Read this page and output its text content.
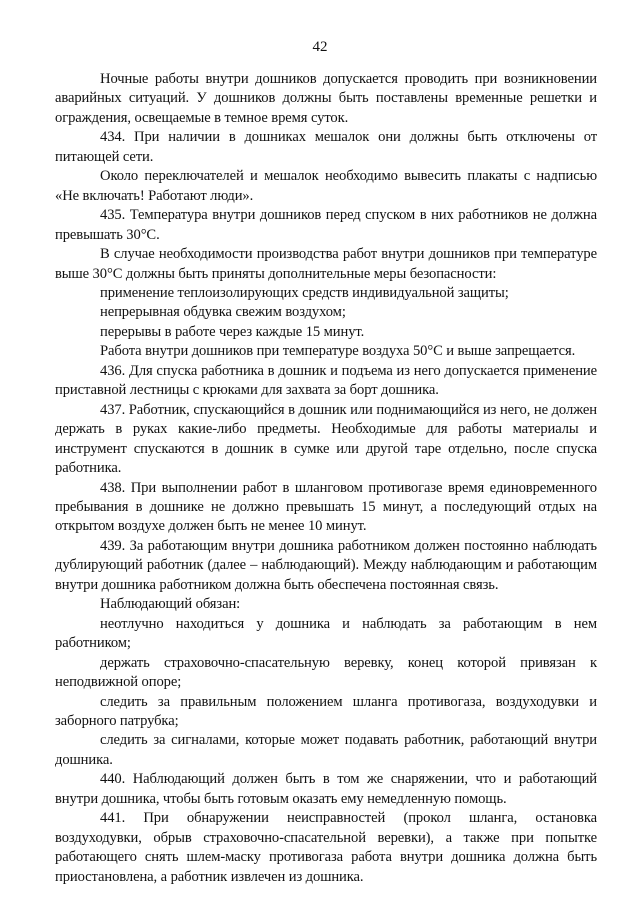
42

Ночные работы внутри дошников допускается проводить при возникновении аварийных ситуаций. У дошников должны быть поставлены временные решетки и ограждения, освещаемые в темное время суток.

434. При наличии в дошниках мешалок они должны быть отключены от питающей сети.

Около переключателей и мешалок необходимо вывесить плакаты с надписью «Не включать! Работают люди».

435. Температура внутри дошников перед спуском в них работников не должна превышать 30°С.

В случае необходимости производства работ внутри дошников при температуре выше 30°С должны быть приняты дополнительные меры безопасности:

применение теплоизолирующих средств индивидуальной защиты;

непрерывная обдувка свежим воздухом;

перерывы в работе через каждые 15 минут.

Работа внутри дошников при температуре воздуха 50°С и выше запрещается.

436. Для спуска работника в дошник и подъема из него допускается применение приставной лестницы с крюками для захвата за борт дошника.

437. Работник, спускающийся в дошник или поднимающийся из него, не должен держать в руках какие-либо предметы. Необходимые для работы материалы и инструмент спускаются в дошник в сумке или другой таре отдельно, после спуска работника.

438. При выполнении работ в шланговом противогазе время единовременного пребывания в дошнике не должно превышать 15 минут, а последующий отдых на открытом воздухе должен быть не менее 10 минут.

439. За работающим внутри дошника работником должен постоянно наблюдать дублирующий работник (далее – наблюдающий). Между наблюдающим и работающим внутри дошника работником должна быть обеспечена постоянная связь.

Наблюдающий обязан:

неотлучно находиться у дошника и наблюдать за работающим в нем работником;

держать страховочно-спасательную веревку, конец которой привязан к неподвижной опоре;

следить за правильным положением шланга противогаза, воздуходувки и заборного патрубка;

следить за сигналами, которые может подавать работник, работающий внутри дошника.

440. Наблюдающий должен быть в том же снаряжении, что и работающий внутри дошника, чтобы быть готовым оказать ему немедленную помощь.

441. При обнаружении неисправностей (прокол шланга, остановка воздуходувки, обрыв страховочно-спасательной веревки), а также при попытке работающего снять шлем-маску противогаза работа внутри дошника должна быть приостановлена, а работник извлечен из дошника.
